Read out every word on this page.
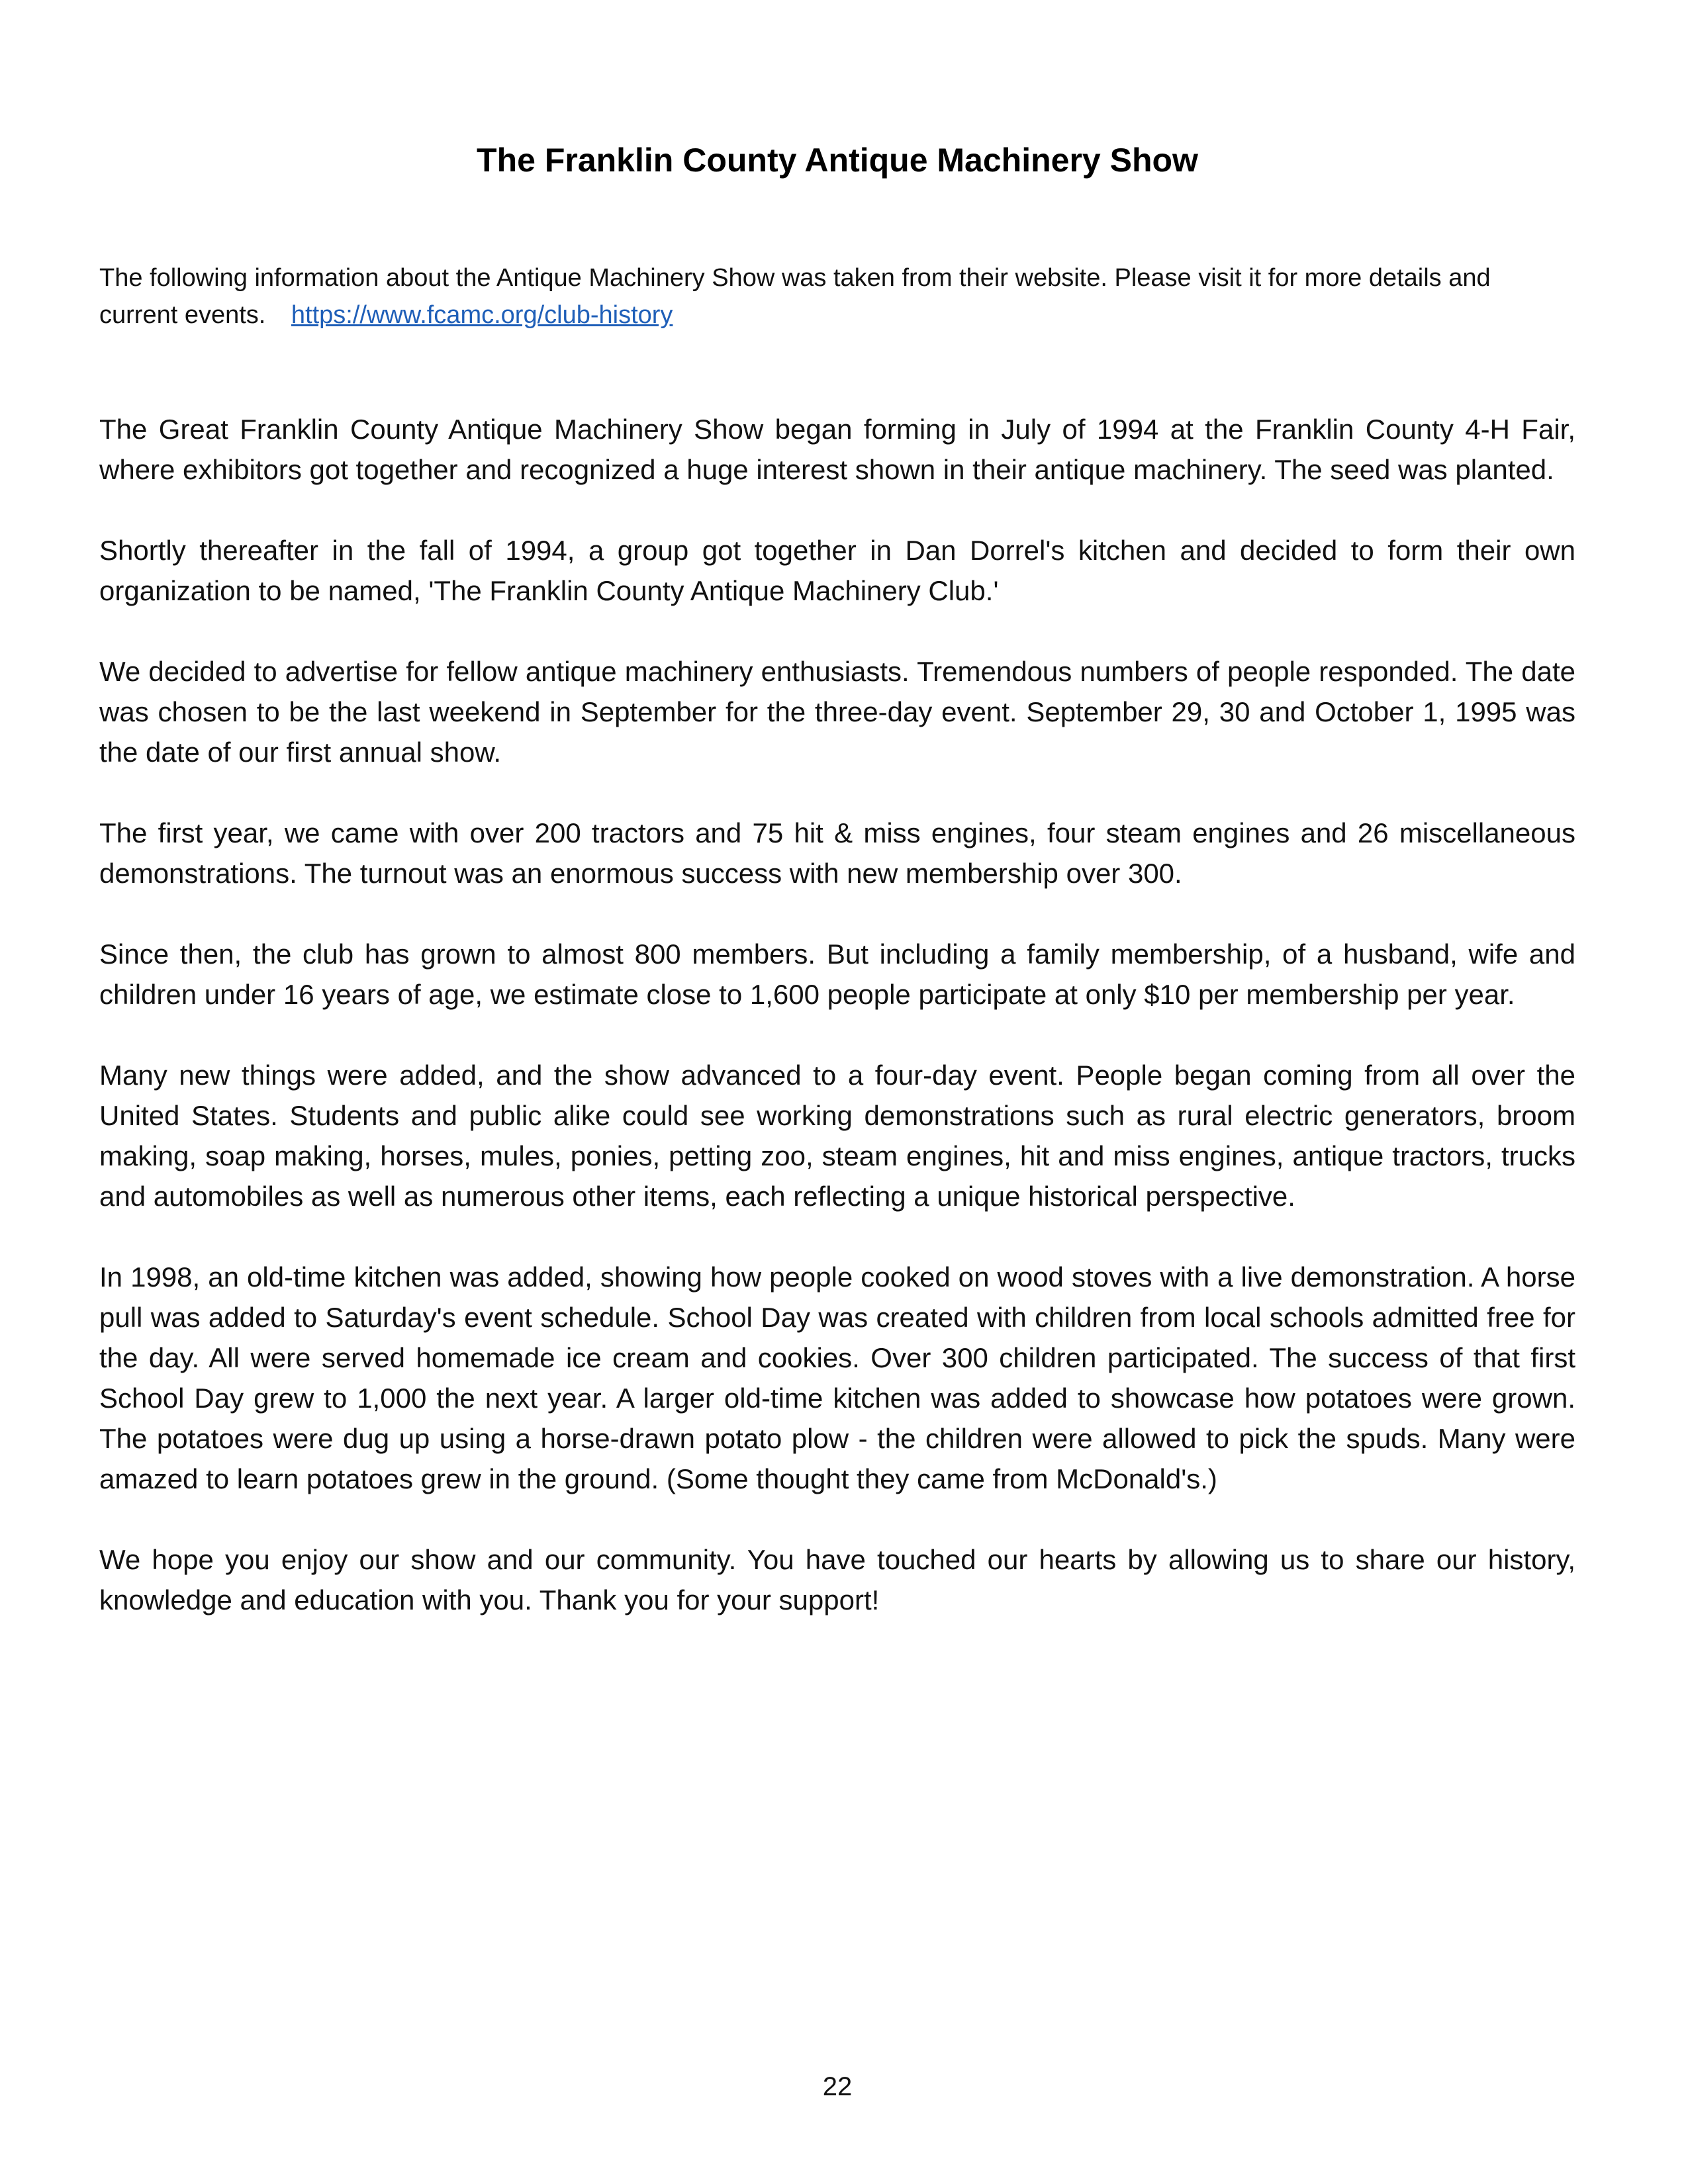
The Franklin County Antique Machinery Show

The following information about the Antique Machinery Show was taken from their website. Please visit it for more details and current events. https://www.fcamc.org/club-history

The Great Franklin County Antique Machinery Show began forming in July of 1994 at the Franklin County 4-H Fair, where exhibitors got together and recognized a huge interest shown in their antique machinery. The seed was planted.

Shortly thereafter in the fall of 1994, a group got together in Dan Dorrel's kitchen and decided to form their own organization to be named, 'The Franklin County Antique Machinery Club.'

We decided to advertise for fellow antique machinery enthusiasts. Tremendous numbers of people responded. The date was chosen to be the last weekend in September for the three-day event. September 29, 30 and October 1, 1995 was the date of our first annual show.

The first year, we came with over 200 tractors and 75 hit & miss engines, four steam engines and 26 miscellaneous demonstrations. The turnout was an enormous success with new membership over 300.

Since then, the club has grown to almost 800 members. But including a family membership, of a husband, wife and children under 16 years of age, we estimate close to 1,600 people participate at only $10 per membership per year.

Many new things were added, and the show advanced to a four-day event. People began coming from all over the United States. Students and public alike could see working demonstrations such as rural electric generators, broom making, soap making, horses, mules, ponies, petting zoo, steam engines, hit and miss engines, antique tractors, trucks and automobiles as well as numerous other items, each reflecting a unique historical perspective.

In 1998, an old-time kitchen was added, showing how people cooked on wood stoves with a live demonstration. A horse pull was added to Saturday's event schedule. School Day was created with children from local schools admitted free for the day. All were served homemade ice cream and cookies. Over 300 children participated. The success of that first School Day grew to 1,000 the next year. A larger old-time kitchen was added to showcase how potatoes were grown. The potatoes were dug up using a horse-drawn potato plow - the children were allowed to pick the spuds. Many were amazed to learn potatoes grew in the ground. (Some thought they came from McDonald's.)

We hope you enjoy our show and our community. You have touched our hearts by allowing us to share our history, knowledge and education with you. Thank you for your support!

22
